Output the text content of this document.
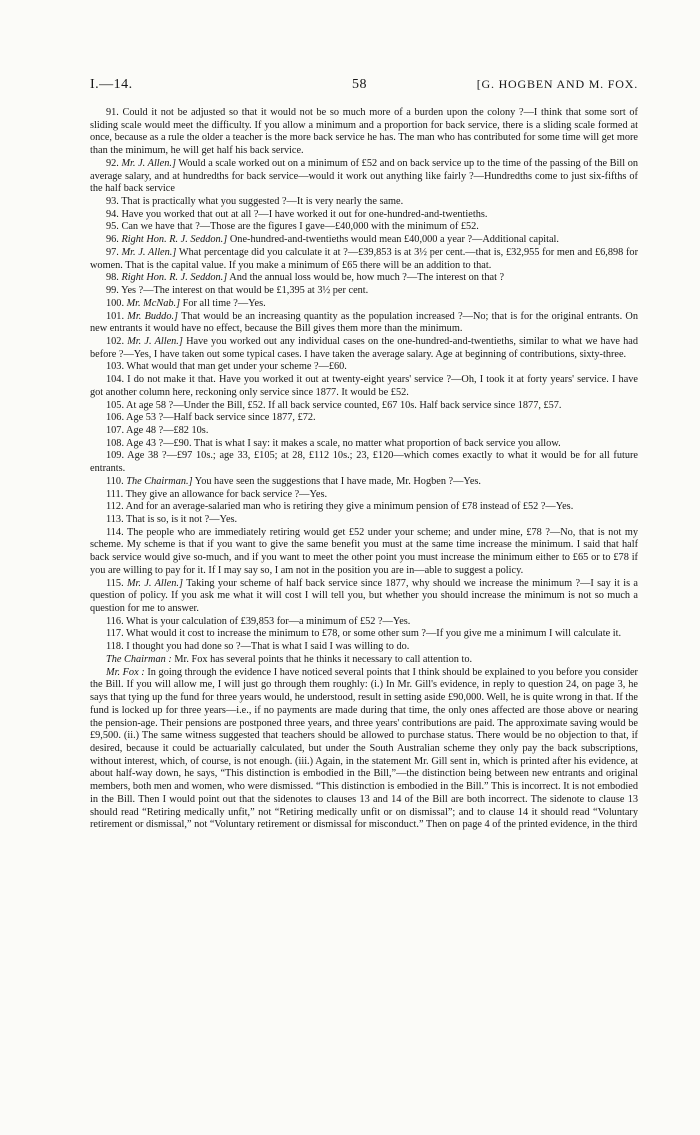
I.—14.	58	[G. HOGBEN AND M. FOX.

91. Could it not be adjusted so that it would not be so much more of a burden upon the colony ?—I think that some sort of sliding scale would meet the difficulty. If you allow a minimum and a proportion for back service, there is a sliding scale formed at once, because as a rule the older a teacher is the more back service he has. The man who has contributed for some time will get more than the minimum, he will get half his back service.

92. Mr. J. Allen.] Would a scale worked out on a minimum of £52 and on back service up to the time of the passing of the Bill on average salary, and at hundredths for back service—would it work out anything like fairly ?—Hundredths come to just six-fifths of the half back service

93. That is practically what you suggested ?—It is very nearly the same.

94. Have you worked that out at all ?—I have worked it out for one-hundred-and-twentieths.

95. Can we have that ?—Those are the figures I gave—£40,000 with the minimum of £52.

96. Right Hon. R. J. Seddon.] One-hundred-and-twentieths would mean £40,000 a year ?—Additional capital.

97. Mr. J. Allen.] What percentage did you calculate it at ?—£39,853 is at 3½ per cent.—that is, £32,955 for men and £6,898 for women. That is the capital value. If you make a minimum of £65 there will be an addition to that.

98. Right Hon. R. J. Seddon.] And the annual loss would be, how much ?—The interest on that ?

99. Yes ?—The interest on that would be £1,395 at 3½ per cent.

100. Mr. McNab.] For all time ?—Yes.

101. Mr. Buddo.] That would be an increasing quantity as the population increased ?—No; that is for the original entrants. On new entrants it would have no effect, because the Bill gives them more than the minimum.

102. Mr. J. Allen.] Have you worked out any individual cases on the one-hundred-and-twentieths, similar to what we have had before ?—Yes, I have taken out some typical cases. I have taken the average salary. Age at beginning of contributions, sixty-three.

103. What would that man get under your scheme ?—£60.

104. I do not make it that. Have you worked it out at twenty-eight years' service ?—Oh, I took it at forty years' service. I have got another column here, reckoning only service since 1877. It would be £52.

105. At age 58 ?—Under the Bill, £52. If all back service counted, £67 10s. Half back service since 1877, £57.

106. Age 53 ?—Half back service since 1877, £72.

107. Age 48 ?—£82 10s.

108. Age 43 ?—£90. That is what I say: it makes a scale, no matter what proportion of back service you allow.

109. Age 38 ?—£97 10s.; age 33, £105; at 28, £112 10s.; 23, £120—which comes exactly to what it would be for all future entrants.

110. The Chairman.] You have seen the suggestions that I have made, Mr. Hogben ?—Yes.

111. They give an allowance for back service ?—Yes.

112. And for an average-salaried man who is retiring they give a minimum pension of £78 instead of £52 ?—Yes.

113. That is so, is it not ?—Yes.

114. The people who are immediately retiring would get £52 under your scheme; and under mine, £78 ?—No, that is not my scheme. My scheme is that if you want to give the same benefit you must at the same time increase the minimum. I said that half back service would give so-much, and if you want to meet the other point you must increase the minimum either to £65 or to £78 if you are willing to pay for it. If I may say so, I am not in the position you are in—able to suggest a policy.

115. Mr. J. Allen.] Taking your scheme of half back service since 1877, why should we increase the minimum ?—I say it is a question of policy. If you ask me what it will cost I will tell you, but whether you should increase the minimum is not so much a question for me to answer.

116. What is your calculation of £39,853 for—a minimum of £52 ?—Yes.

117. What would it cost to increase the minimum to £78, or some other sum ?—If you give me a minimum I will calculate it.

118. I thought you had done so ?—That is what I said I was willing to do.

The Chairman : Mr. Fox has several points that he thinks it necessary to call attention to.

Mr. Fox : In going through the evidence I have noticed several points that I think should be explained to you before you consider the Bill. If you will allow me, I will just go through them roughly: (i.) In Mr. Gill's evidence, in reply to question 24, on page 3, he says that tying up the fund for three years would, he understood, result in setting aside £90,000. Well, he is quite wrong in that. If the fund is locked up for three years—i.e., if no payments are made during that time, the only ones affected are those above or nearing the pension-age. Their pensions are postponed three years, and three years' contributions are paid. The approximate saving would be £9,500. (ii.) The same witness suggested that teachers should be allowed to purchase status. There would be no objection to that, if desired, because it could be actuarially calculated, but under the South Australian scheme they only pay the back subscriptions, without interest, which, of course, is not enough. (iii.) Again, in the statement Mr. Gill sent in, which is printed after his evidence, at about half-way down, he says, “This distinction is embodied in the Bill,”—the distinction being between new entrants and original members, both men and women, who were dismissed. “This distinction is embodied in the Bill.” This is incorrect. It is not embodied in the Bill. Then I would point out that the sidenotes to clauses 13 and 14 of the Bill are both incorrect. The sidenote to clause 13 should read “Retiring medically unfit,” not “Retiring medically unfit or on dismissal”; and to clause 14 it should read “Voluntary retirement or dismissal,” not “Voluntary retirement or dismissal for misconduct.” Then on page 4 of the printed evidence, in the third
